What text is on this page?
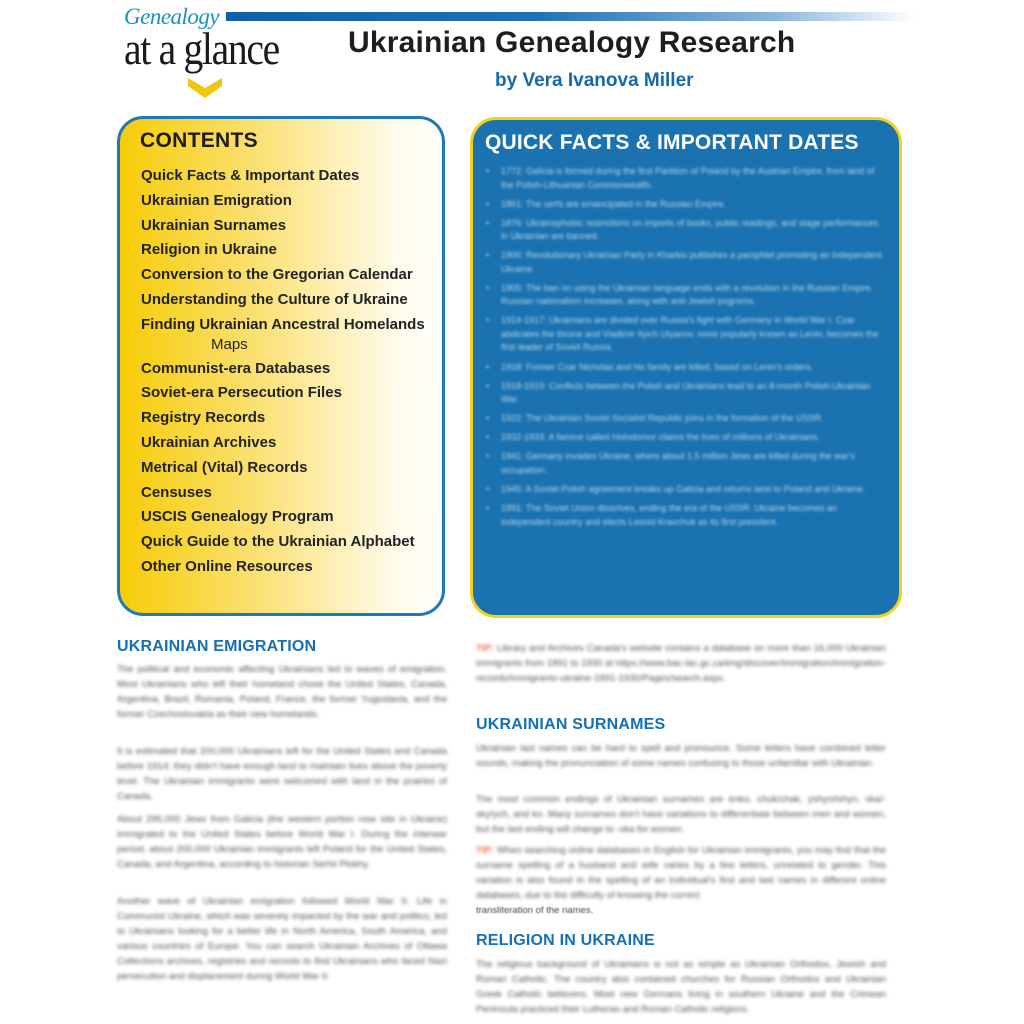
Genealogy
at a glance Ukrainian Genealogy Research
by Vera Ivanova Miller
CONTENTS
Quick Facts & Important Dates
Ukrainian Emigration
Ukrainian Surnames
Religion in Ukraine
Conversion to the Gregorian Calendar
Understanding the Culture of Ukraine
Finding Ukrainian Ancestral Homelands
Maps
Communist-era Databases
Soviet-era Persecution Files
Registry Records
Ukrainian Archives
Metrical (Vital) Records
Censuses
USCIS Genealogy Program
Quick Guide to the Ukrainian Alphabet
Other Online Resources
QUICK FACTS & IMPORTANT DATES
• 1772: Galicia is formed during the first Partition of Poland by the Austrian Empire, from land of the Polish-Lithuanian Commonwealth.
• 1861: The serfs are emancipated in the Russian Empire.
• 1876: Ukrainophobic restrictions on imports of books, public readings, and stage performances in Ukrainian are banned.
• 1900: Revolutionary Ukrainian Party in Kharkiv publishes a pamphlet promoting an independent Ukraine.
• 1905: The ban on using the Ukrainian language ends with a revolution in the Russian Empire. Russian nationalism increases, along with anti-Jewish pogroms.
• 1914-1917: Ukrainians are divided over Russia's fight with Germany in World War I. Czar abdicates the throne and Vladimir Ilyich Ulyanov, more popularly known as Lenin, becomes the first leader of Soviet Russia.
• 1918: Former Czar Nicholas and his family are killed, based on Lenin's orders.
• 1918-1919: Conflicts between the Polish and Ukrainians lead to an 8-month Polish-Ukrainian War.
• 1922: The Ukrainian Soviet Socialist Republic joins in the formation of the USSR.
• 1932-1933: A famine called Holodomor claims the lives of millions of Ukrainians.
• 1941: Germany invades Ukraine, where about 1.5 million Jews are killed during the war's occupation.
• 1945: A Soviet-Polish agreement breaks up Galicia and returns land to Poland and Ukraine.
• 1991: The Soviet Union dissolves, ending the era of the USSR. Ukraine becomes an independent country and elects Leonid Kravchuk as its first president.
UKRAINIAN EMIGRATION

The political and economic affecting Ukrainians led to waves of emigration. Most Ukrainians who left their homeland chose the United States, Canada, Argentina, Brazil, Romania, Poland, France, the former Yugoslavia, and the former Czechoslovakia as their new homelands.

It is estimated that 200,000 Ukrainians left for the United States and Canada before 1914; they didn't have enough land to maintain lives above the poverty level. The Ukrainian immigrants were welcomed with land in the prairies of Canada.

About 295,000 Jews from Galicia (the western portion now site in Ukraine) immigrated to the United States before World War I. During the interwar period, about 200,000 Ukrainian immigrants left Poland for the United States, Canada, and Argentina, according to historian Serhii Plokhy.

Another wave of Ukrainian emigration followed World War II. Life in Communist Ukraine, which was severely impacted by the war and politics, led to Ukrainians looking for a better life in North America, South America, and various countries of Europe. You can search Ukrainian Archives of Ottawa Collections archives, registries and records to find Ukrainians who faced Nazi persecution and displacement during World War II.

TIP: Library and Archives Canada's website contains a database on more than 16,000 Ukrainian immigrants from 1891 to 1930 at https://www.bac-lac.gc.ca/eng/discover/immigration/immigration-records/immigrants-ukraine-1891-1930/Pages/search.aspx.

UKRAINIAN SURNAMES

Ukrainian last names can be hard to spell and pronounce. Some letters have combined letter sounds, making the pronunciation of some names confusing to those unfamiliar with Ukrainian.

The most common endings of Ukrainian surnames are enko, chuk/chak, yshyn/ishyn, ska/-sky/ych, and ko. Many surnames don't have variations to differentiate between men and women, but the last ending will change to -ska for women.

TIP: When searching online databases in English for Ukrainian immigrants, you may find that the surname spelling of a husband and wife varies by a few letters, unrelated to gender. This variation is also found in the spelling of an individual's first and last names in different online databases, due to the difficulty of knowing the correct

transliteration of the names.
RELIGION IN UKRAINE

The religious background of Ukrainians is not as simple as Ukrainian Orthodox, Jewish and Roman Catholic. The country also contained churches for Russian Orthodox and Ukrainian Greek Catholic believers. Most new Germans living in southern Ukraine and the Crimean Peninsula practiced their Lutheran and Roman Catholic religions.
